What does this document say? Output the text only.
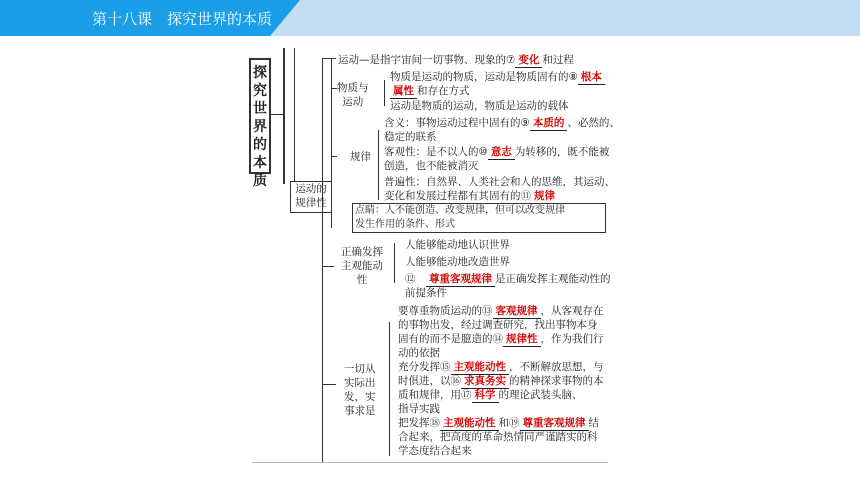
第十八课　探究世界的本质
探究世界的本质	运动的
规律性
运动—是指宇宙间一切事物、现象的⑦ 变化 和过程
物质与
运动
物质是运动的物质，运动是物质固有的⑧ 根本
属性 和存在方式
运动是物质的运动，物质是运动的载体
规律
含义：事物运动过程中固有的⑨ 本质的 、必然的、
稳定的联系
客观性：是不以人的⑩ 意志 为转移的，既不能被
创造，也不能被消灭
普遍性：自然界、人类社会和人的思维，其运动、
变化和发展过程都有其固有的⑪ 规律
点睛：人不能创造、改变规律，但可以改变规律
发生作用的条件、形式
正确发挥
主观能动
性
人能够能动地认识世界
人能够能动地改造世界
⑫　 尊重客观规律 是正确发挥主观能动性的
前提条件
一切从
实际出
发，实
事求是
要尊重物质运动的⑬ 客观规律 ，从客观存在
的事物出发，经过调查研究，找出事物本身
固有的而不是臆造的⑭ 规律性 ，作为我们行
动的依据
充分发挥⑮ 主观能动性 ，不断解放思想，与
时俱进，以⑯ 求真务实 的精神探求事物的本
质和规律，用⑰ 科学 的理论武装头脑、
指导实践
把发挥⑱ 主观能动性 和⑲ 尊重客观规律 结
合起来，把高度的革命热情同严谨踏实的科
学态度结合起来
